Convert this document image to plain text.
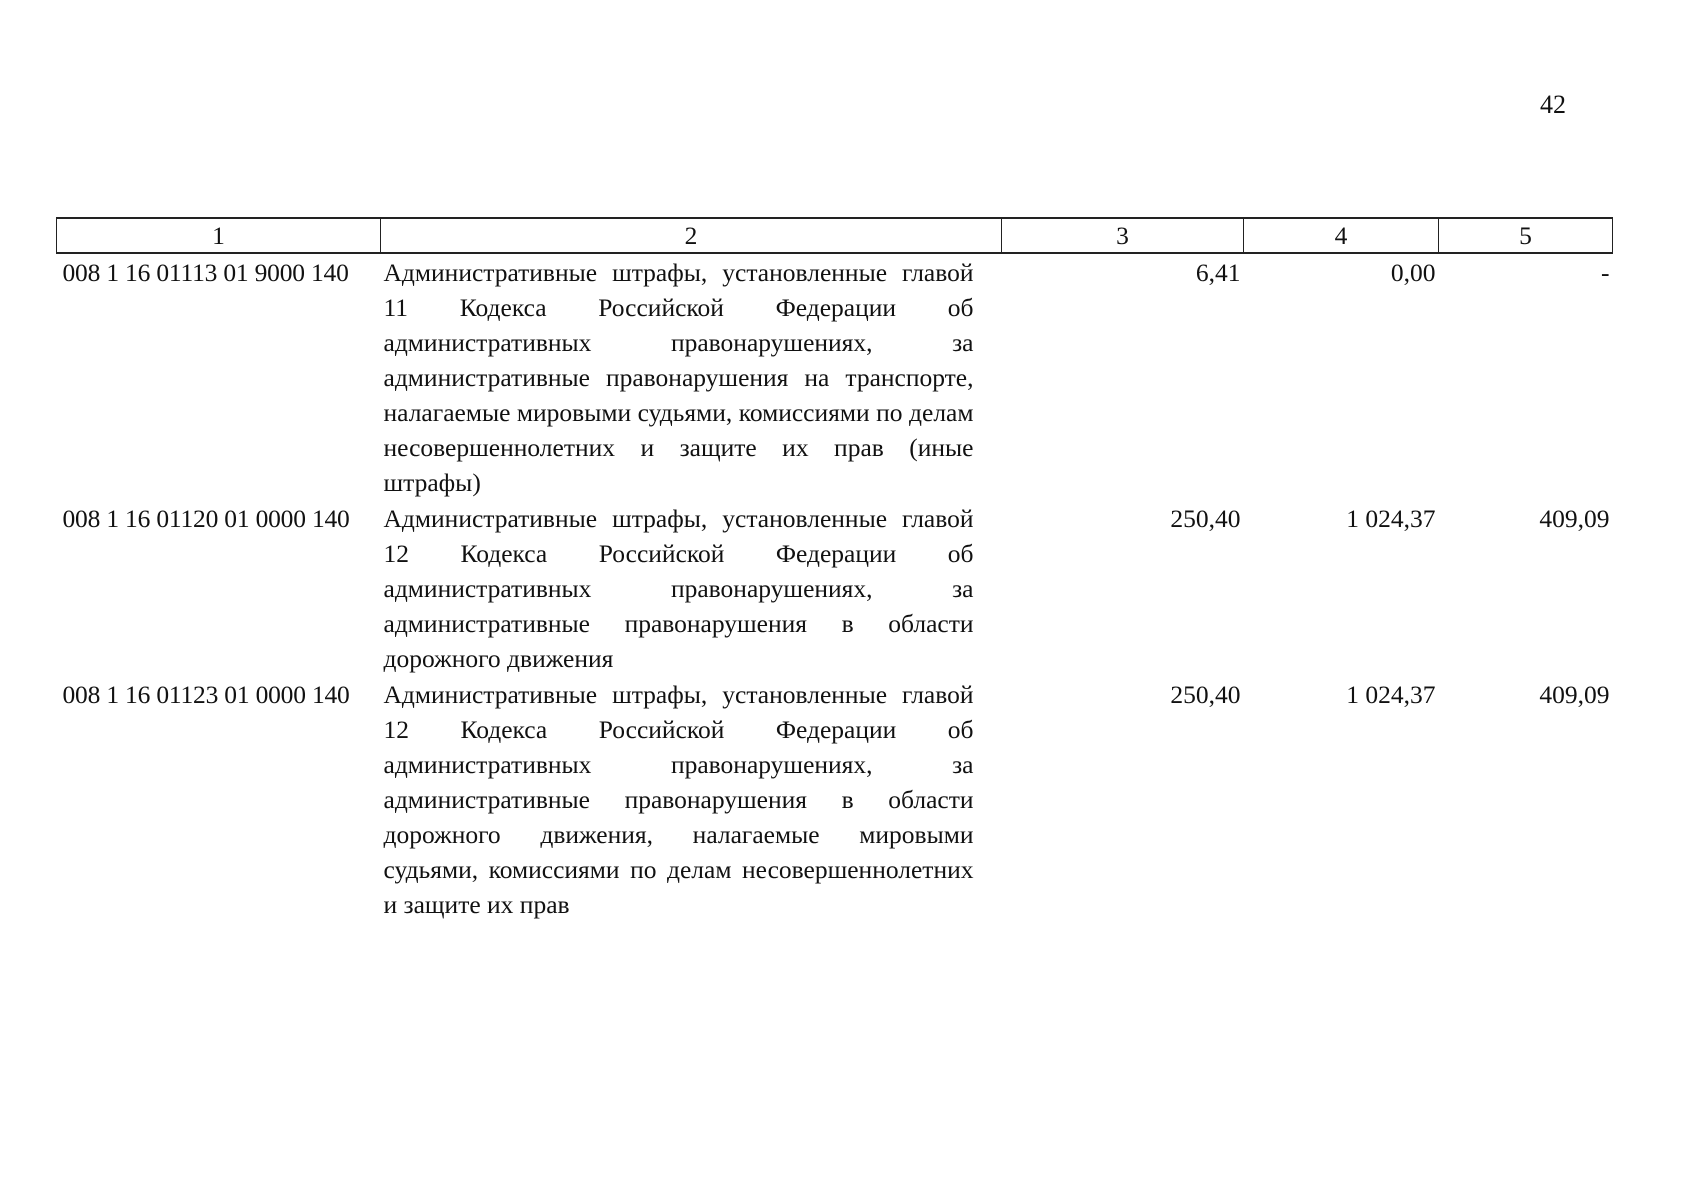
42
1	2	3	4	5
008 1 16 01113 01 9000 140	Административные штрафы, установленные главой 11 Кодекса Российской Федерации об административных правонарушениях, за административные правонарушения на транспорте, налагаемые мировыми судьями, комиссиями по делам несовершеннолетних и защите их прав (иные штрафы)	6,41	0,00	-
008 1 16 01120 01 0000 140	Административные штрафы, установленные главой 12 Кодекса Российской Федерации об административных правонарушениях, за административные правонарушения в области дорожного движения	250,40	1 024,37	409,09
008 1 16 01123 01 0000 140	Административные штрафы, установленные главой 12 Кодекса Российской Федерации об административных правонарушениях, за административные правонарушения в области дорожного движения, налагаемые мировыми судьями, комиссиями по делам несовершеннолетних и защите их прав	250,40	1 024,37	409,09
